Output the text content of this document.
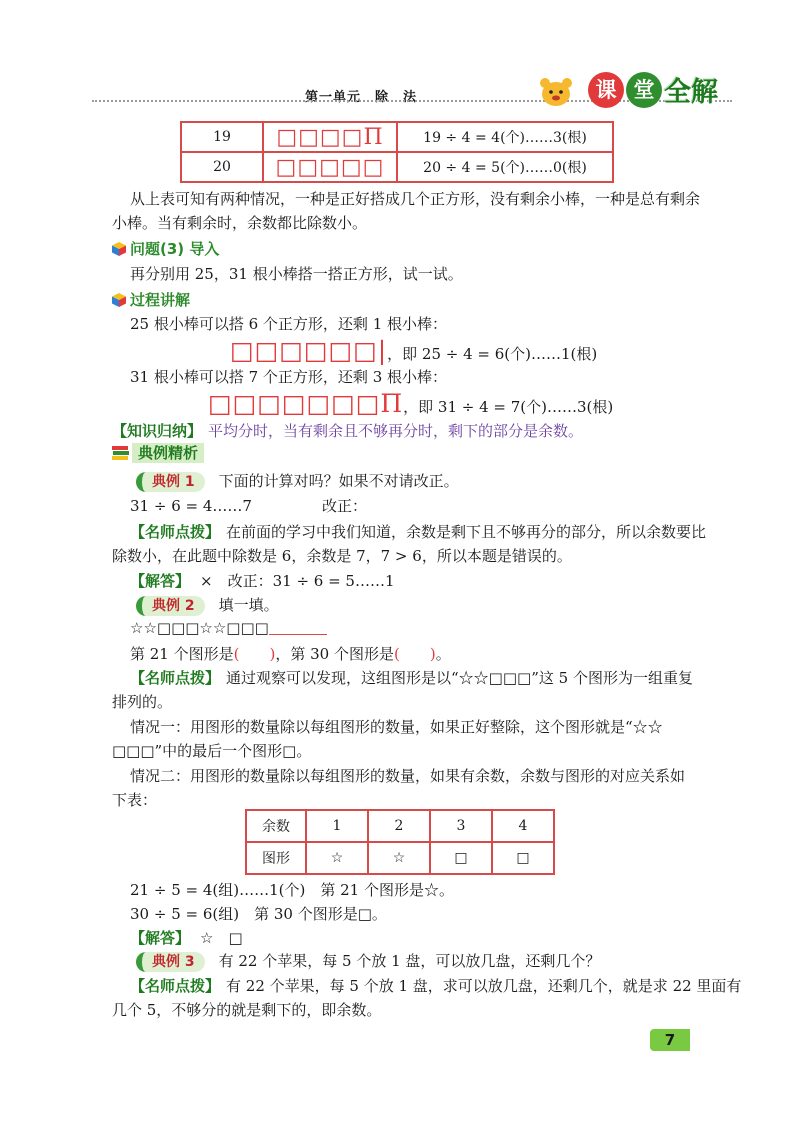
第一单元　除　法	课 堂 全解
19	□□□□П	19 ÷ 4 = 4(个)……3(根)
20	□□□□□	20 ÷ 4 = 5(个)……0(根)
从上表可知有两种情况，一种是正好搭成几个正方形，没有剩余小棒，一种是总有剩余
小棒。当有剩余时，余数都比除数小。
问题(3) 导入
再分别用 25，31 根小棒搭一搭正方形，试一试。
过程讲解
25 根小棒可以搭 6 个正方形，还剩 1 根小棒：
□□□□□□|，即 25 ÷ 4 = 6(个)……1(根)
31 根小棒可以搭 7 个正方形，还剩 3 根小棒：
□□□□□□□П，即 31 ÷ 4 = 7(个)……3(根)
【知识归纳】 平均分时，当有剩余且不够再分时，剩下的部分是余数。
典例精析
典例 1 下面的计算对吗？如果不对请改正。
31 ÷ 6 = 4……7	改正：
【名师点拨】 在前面的学习中我们知道，余数是剩下且不够再分的部分，所以余数要比
除数小，在此题中除数是 6，余数是 7，7 > 6，所以本题是错误的。
【解答】 ×　改正：31 ÷ 6 = 5……1
典例 2 填一填。
☆☆□□□☆☆□□□
第 21 个图形是(　　)，第 30 个图形是(　　)。
【名师点拨】 通过观察可以发现，这组图形是以“☆☆□□□”这 5 个图形为一组重复
排列的。
情况一：用图形的数量除以每组图形的数量，如果正好整除，这个图形就是“☆☆
□□□”中的最后一个图形□。
情况二：用图形的数量除以每组图形的数量，如果有余数，余数与图形的对应关系如
下表：
余数	1	2	3	4
图形	☆	☆	□	□
21 ÷ 5 = 4(组)……1(个)　第 21 个图形是☆。
30 ÷ 5 = 6(组)　第 30 个图形是□。
【解答】 ☆　□
典例 3 有 22 个苹果，每 5 个放 1 盘，可以放几盘，还剩几个？
【名师点拨】 有 22 个苹果，每 5 个放 1 盘，求可以放几盘，还剩几个，就是求 22 里面有
几个 5，不够分的就是剩下的，即余数。
7
